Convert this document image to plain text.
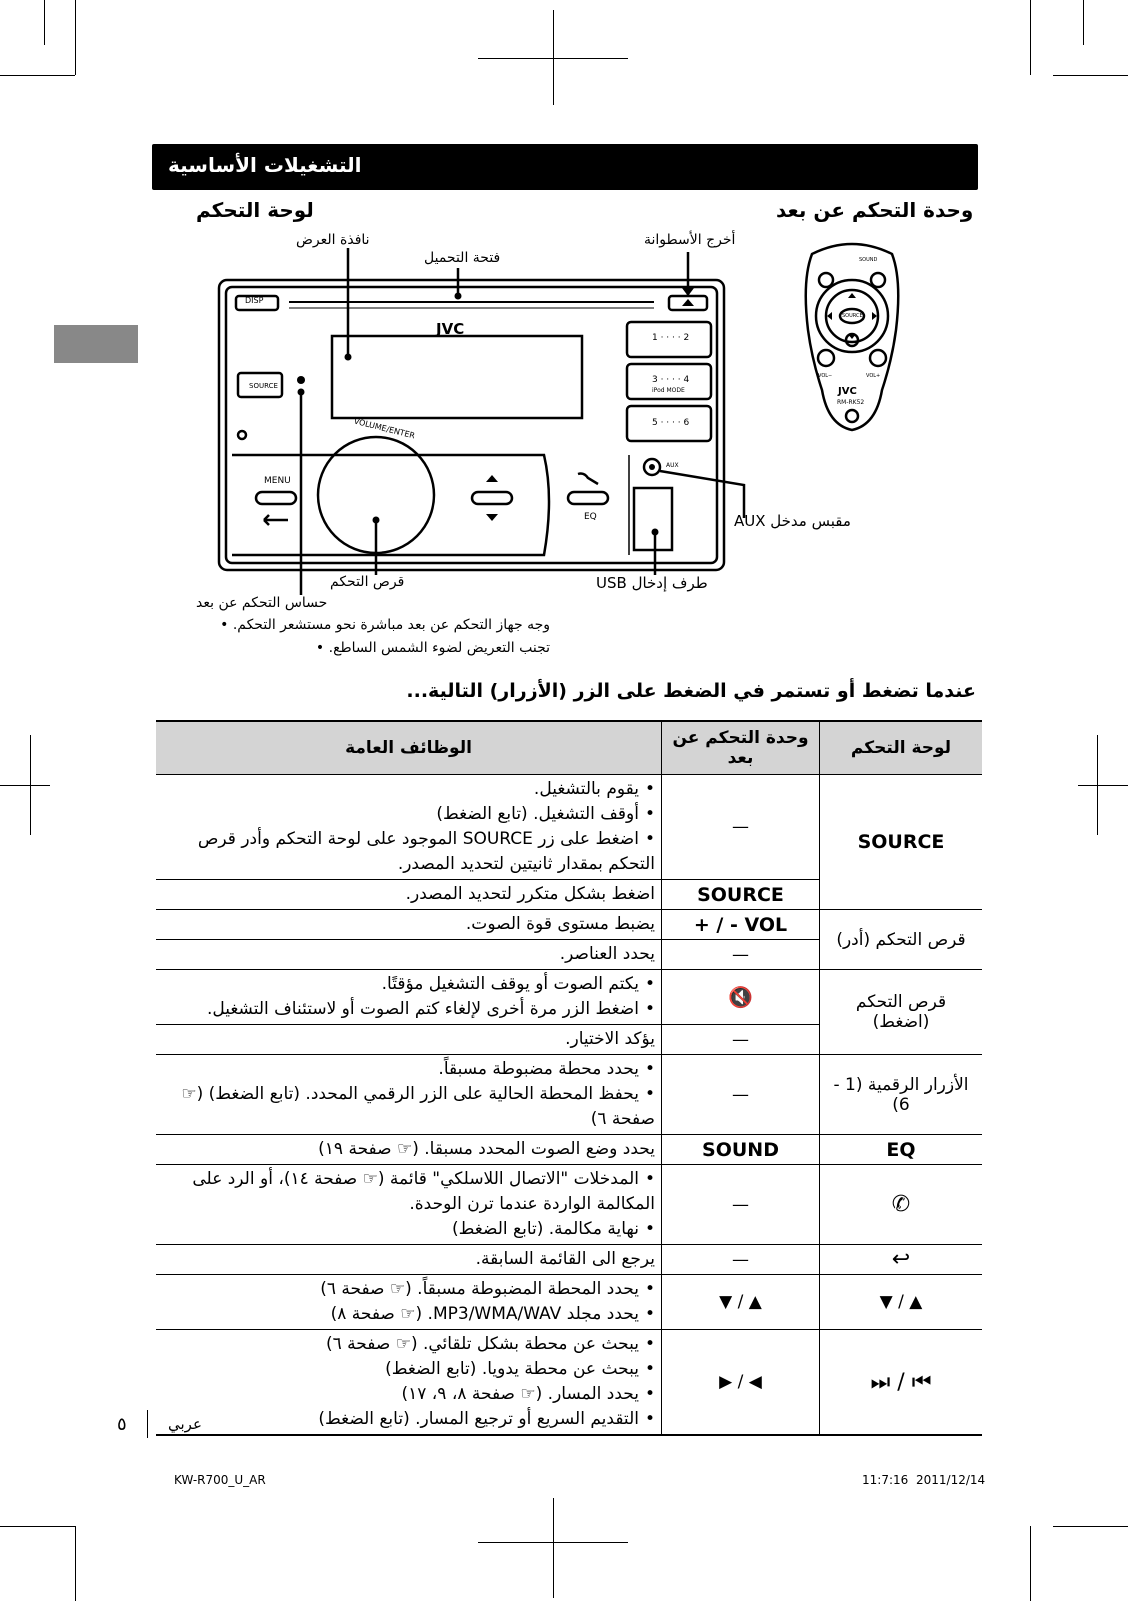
التشغيلات الأساسية
لوحة التحكم	وحدة التحكم عن بعد
JVC
DISP
SOURCE
VOLUME/ENTER
MENU
EQ
AUX
1 · · · · 2
3 · · · · 4
iPod MODE
5 · · · · 6
نافذة العرض
فتحة التحميل
أخرج الأسطوانة
مقبس مدخل AUX
طرف إدخال USB
قرص التحكم
حساس التحكم عن بعد
وجه جهاز التحكم عن بعد مباشرة نحو مستشعر التحكم. •
تجنب التعريض لضوء الشمس الساطع. •
SOUND
SOURCE
VOL−	VOL+
JVC
RM-RK52
عندما تضغط أو تستمر في الضغط على الزر (الأزرار) التالية...
لوحة التحكم	وحدة التحكم عن بعد	الوظائف العامة
SOURCE	—	• يقوم بالتشغيل.
• أوقف التشغيل. (تابع الضغط)
• اضغط على زر SOURCE الموجود على لوحة التحكم وأدر قرص التحكم بمقدار ثانيتين لتحديد المصدر.

	SOURCE	اضغط بشكل متكرر لتحديد المصدر.

قرص التحكم (أدر)	VOL - / +	يضبط مستوى قوة الصوت.

	—	يحدد العناصر.

قرص التحكم (اضغط)	🔇	• يكتم الصوت أو يوقف التشغيل مؤقتًا.
• اضغط الزر مرة أخرى لإلغاء كتم الصوت أو لاستئناف التشغيل.

	—	يؤكد الاختيار.

الأزرار الرقمية (1 - 6)	—	• يحدد محطة مضبوطة مسبقاً.
• يحفظ المحطة الحالية على الزر الرقمي المحدد. (تابع الضغط) (☞ صفحة ٦)

EQ	SOUND	يحدد وضع الصوت المحدد مسبقا. (☞ صفحة ١٩)

✆	—	• المدخلات "الاتصال اللاسلكي" قائمة (☞ صفحة ١٤)، أو الرد على المكالمة الواردة عندما ترن الوحدة.
• نهاية مكالمة. (تابع الضغط)

↩	—	يرجع الى القائمة السابقة.

▲ / ▼	▲ / ▼	• يحدد المحطة المضبوطة مسبقاً. (☞ صفحة ٦)
• يحدد مجلد MP3/WMA/WAV. (☞ صفحة ٨)

⏮ / ⏭	◀ / ▶	• يبحث عن محطة بشكل تلقائي. (☞ صفحة ٦)
• يبحث عن محطة يدويا. (تابع الضغط)
• يحدد المسار. (☞ صفحة ٨، ٩، ١٧)
• التقديم السريع أو ترجيع المسار. (تابع الضغط)
٥	عربي
KW-R700_U_AR	2011/12/14
11:7:16
